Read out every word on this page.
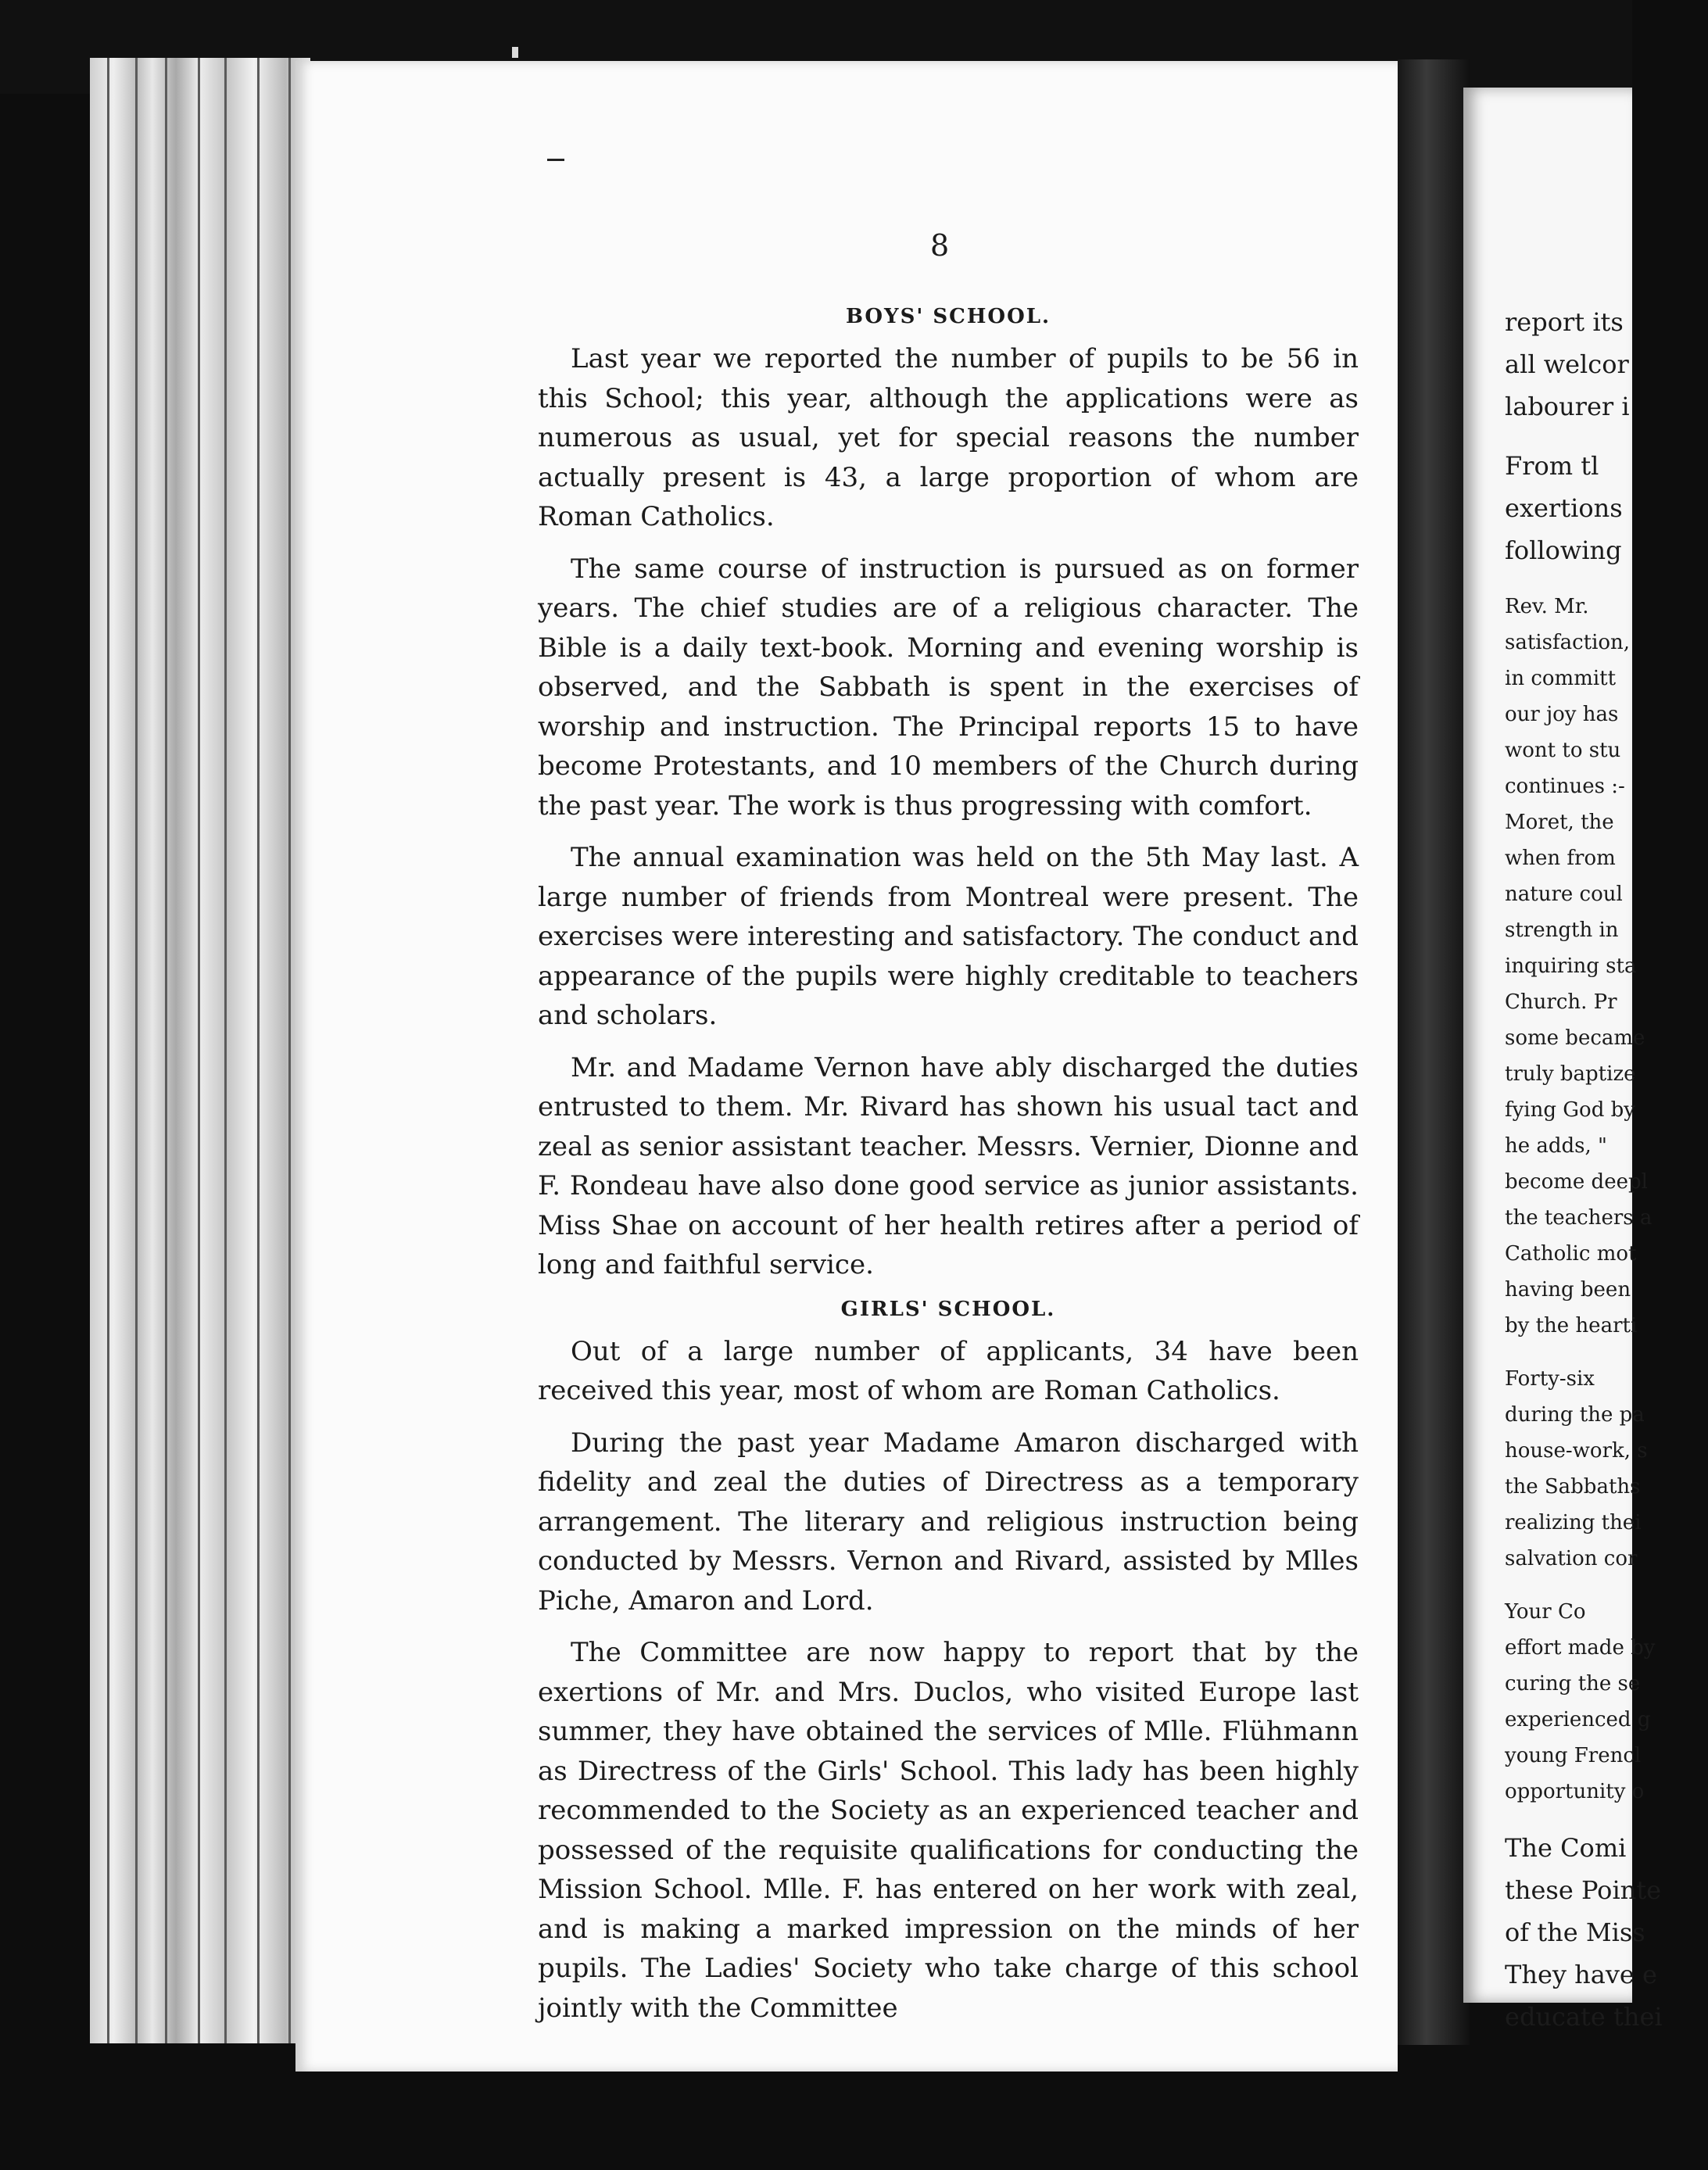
8
BOYS' SCHOOL.

Last year we reported the number of pupils to be 56 in this School; this year, although the applications were as numerous as usual, yet for special reasons the number actually present is 43, a large proportion of whom are Roman Catholics.

The same course of instruction is pursued as on former years. The chief studies are of a religious character. The Bible is a daily text-book. Morning and evening worship is observed, and the Sabbath is spent in the exercises of worship and instruction. The Principal reports 15 to have become Protestants, and 10 members of the Church during the past year. The work is thus progressing with comfort.

The annual examination was held on the 5th May last. A large number of friends from Montreal were present. The exercises were interesting and satisfactory. The conduct and appearance of the pupils were highly creditable to teachers and scholars.

Mr. and Madame Vernon have ably discharged the duties entrusted to them. Mr. Rivard has shown his usual tact and zeal as senior assistant teacher. Messrs. Vernier, Dionne and F. Rondeau have also done good service as junior assistants. Miss Shae on account of her health retires after a period of long and faithful service.

GIRLS' SCHOOL.

Out of a large number of applicants, 34 have been received this year, most of whom are Roman Catholics.

During the past year Madame Amaron discharged with fidelity and zeal the duties of Directress as a temporary arrangement. The literary and religious instruction being conducted by Messrs. Vernon and Rivard, assisted by Mlles Piche, Amaron and Lord.

The Committee are now happy to report that by the exertions of Mr. and Mrs. Duclos, who visited Europe last summer, they have obtained the services of Mlle. Flühmann as Directress of the Girls' School. This lady has been highly recommended to the Society as an experienced teacher and possessed of the requisite qualifications for conducting the Mission School. Mlle. F. has entered on her work with zeal, and is making a marked impression on the minds of her pupils. The Ladies' Society who take charge of this school jointly with the Committee

report its
all welcor
labourer i
From tl
exertions
following
Rev. Mr.
satisfaction,
in committ
our joy has
wont to stu
continues :-
Moret, the
when from
nature coul
strength in
inquiring sta
Church. Pr
some became
truly baptize
fying God by
he adds, "
become deepl
the teachers a
Catholic mot
having been
by the hearti
Forty-six
during the pa
house-work, s
the Sabbaths
realizing thei
salvation cor
Your Co
effort made by
curing the se
experienced g
young Frencl
opportunity o
The Comi
these Pointe
of the Miss
They have e
educate thei
